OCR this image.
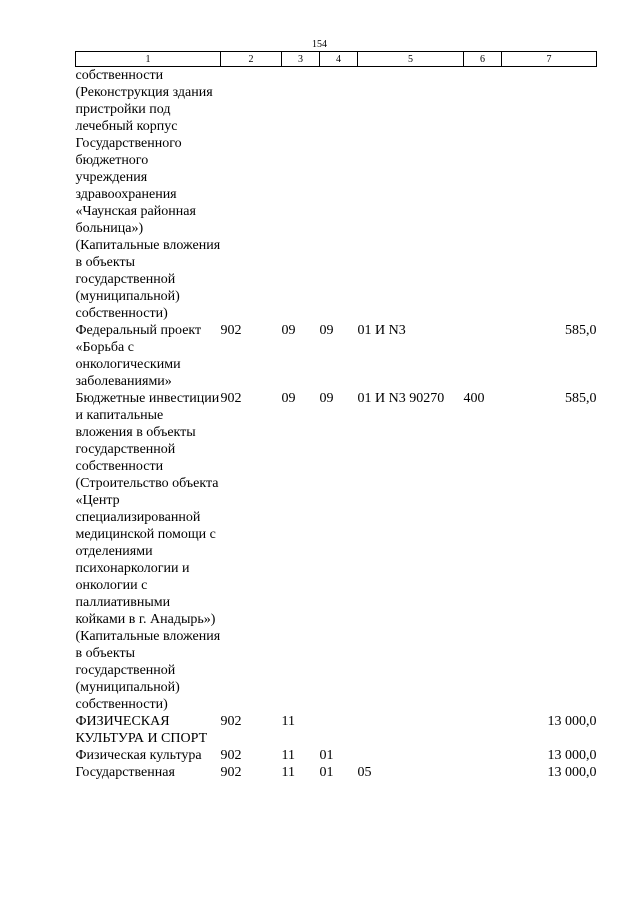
154
1	2	3	4	5	6	7
собственности (Реконструкция здания пристройки под лечебный корпус Государственного бюджетного учреждения здравоохранения «Чаунская районная больница») (Капитальные вложения в объекты государственной (муниципальной) собственности)						
Федеральный проект «Борьба с онкологическими заболеваниями»	902	09	09	01 И N3		585,0
Бюджетные инвестиции и капитальные вложения в объекты государственной собственности (Строительство объекта «Центр специализированной медицинской помощи с отделениями психонаркологии и онкологии с паллиативными койками в г. Анадырь») (Капитальные вложения в объекты государственной (муниципальной) собственности)	902	09	09	01 И N3 90270	400	585,0
ФИЗИЧЕСКАЯ КУЛЬТУРА И СПОРТ	902	11				13 000,0
Физическая культура	902	11	01			13 000,0
Государственная	902	11	01	05		13 000,0
